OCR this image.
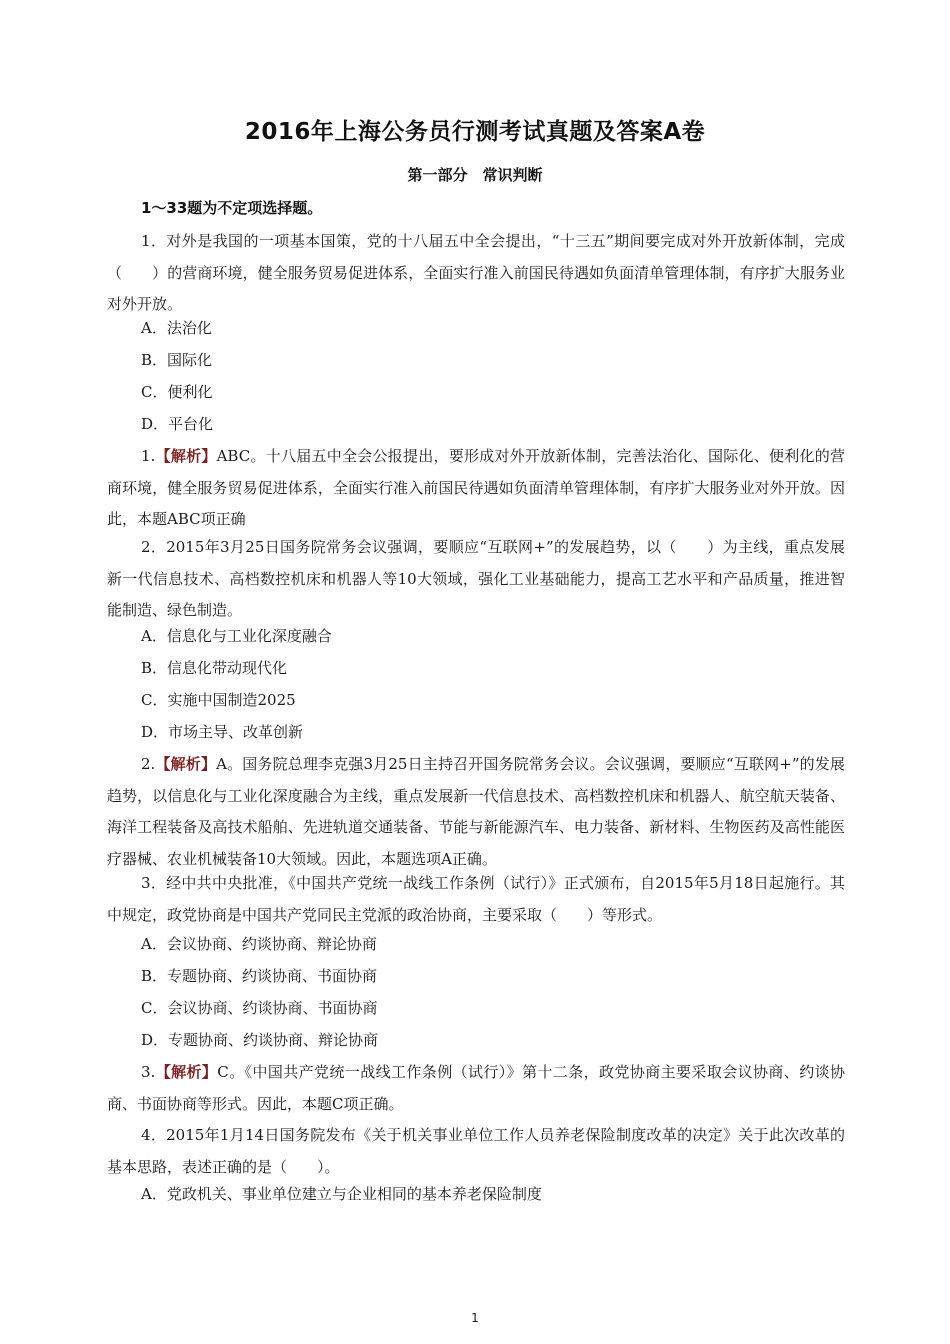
2016年上海公务员行测考试真题及答案A卷
第一部分　常识判断
1～33题为不定项选择题。

1．对外是我国的一项基本国策，党的十八届五中全会提出，“十三五”期间要完成对外开放新体制，完成（　　）的营商环境，健全服务贸易促进体系，全面实行准入前国民待遇如负面清单管理体制，有序扩大服务业对外开放。

A．法治化

B．国际化

C．便利化

D．平台化

1.【解析】ABC。十八届五中全会公报提出，要形成对外开放新体制，完善法治化、国际化、便利化的营商环境，健全服务贸易促进体系，全面实行准入前国民待遇如负面清单管理体制，有序扩大服务业对外开放。因此，本题ABC项正确

2．2015年3月25日国务院常务会议强调，要顺应“互联网+”的发展趋势，以（　　）为主线，重点发展新一代信息技术、高档数控机床和机器人等10大领域，强化工业基础能力，提高工艺水平和产品质量，推进智能制造、绿色制造。

A．信息化与工业化深度融合

B．信息化带动现代化

C．实施中国制造2025

D．市场主导、改革创新

2.【解析】A。国务院总理李克强3月25日主持召开国务院常务会议。会议强调，要顺应“互联网+”的发展趋势，以信息化与工业化深度融合为主线，重点发展新一代信息技术、高档数控机床和机器人、航空航天装备、海洋工程装备及高技术船舶、先进轨道交通装备、节能与新能源汽车、电力装备、新材料、生物医药及高性能医疗器械、农业机械装备10大领域。因此，本题选项A正确。

3．经中共中央批准，《中国共产党统一战线工作条例（试行）》正式颁布，自2015年5月18日起施行。其中规定，政党协商是中国共产党同民主党派的政治协商，主要采取（　　）等形式。

A．会议协商、约谈协商、辩论协商

B．专题协商、约谈协商、书面协商

C．会议协商、约谈协商、书面协商

D．专题协商、约谈协商、辩论协商

3.【解析】C。《中国共产党统一战线工作条例（试行）》第十二条，政党协商主要采取会议协商、约谈协商、书面协商等形式。因此，本题C项正确。

4．2015年1月14日国务院发布《关于机关事业单位工作人员养老保险制度改革的决定》关于此次改革的基本思路，表述正确的是（　　）。

A．党政机关、事业单位建立与企业相同的基本养老保险制度

1
